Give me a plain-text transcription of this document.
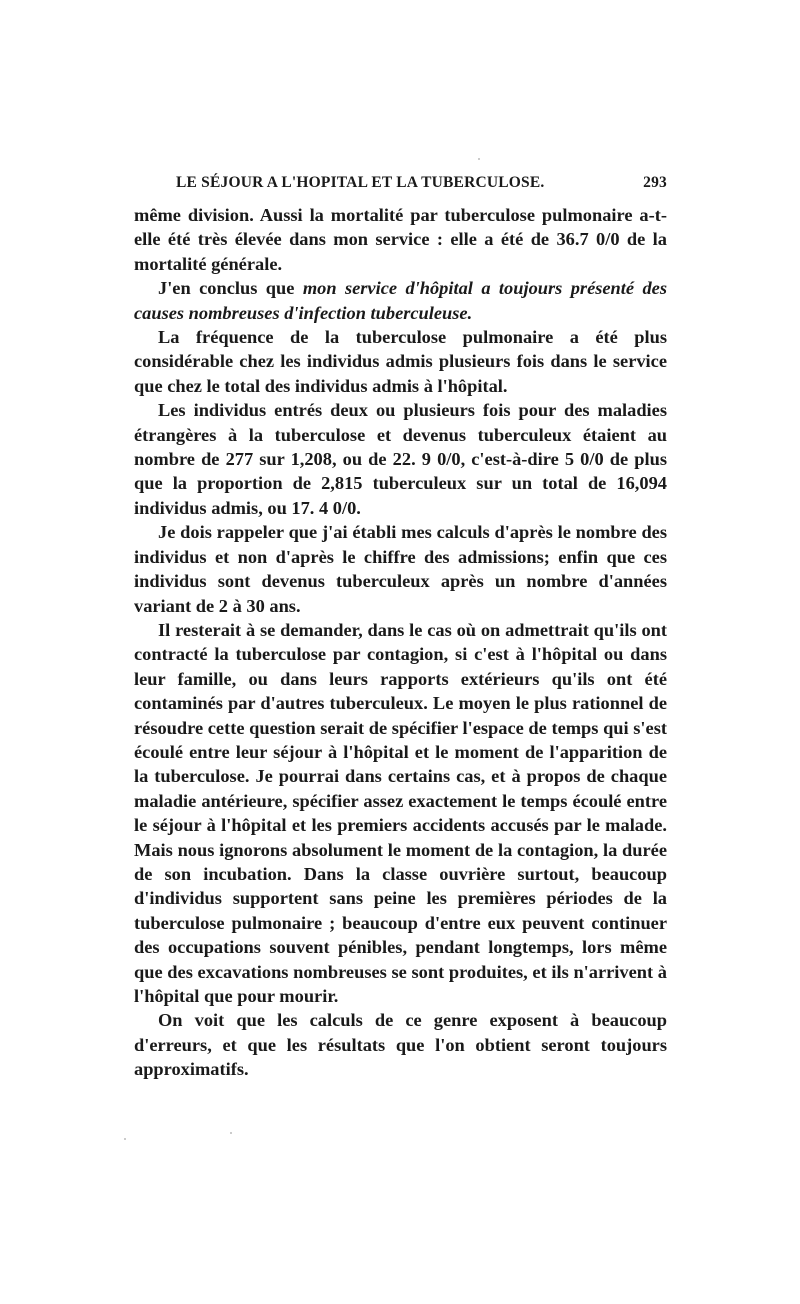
LE SÉJOUR A L'HOPITAL ET LA TUBERCULOSE.	293

même division. Aussi la mortalité par tuberculose pulmonaire a-t-elle été très élevée dans mon service : elle a été de 36.7 0/0 de la mortalité générale.

J'en conclus que mon service d'hôpital a toujours présenté des causes nombreuses d'infection tuberculeuse.

La fréquence de la tuberculose pulmonaire a été plus considérable chez les individus admis plusieurs fois dans le service que chez le total des individus admis à l'hôpital.

Les individus entrés deux ou plusieurs fois pour des maladies étrangères à la tuberculose et devenus tuberculeux étaient au nombre de 277 sur 1,208, ou de 22. 9 0/0, c'est-à-dire 5 0/0 de plus que la proportion de 2,815 tuberculeux sur un total de 16,094 individus admis, ou 17. 4 0/0.

Je dois rappeler que j'ai établi mes calculs d'après le nombre des individus et non d'après le chiffre des admissions; enfin que ces individus sont devenus tuberculeux après un nombre d'années variant de 2 à 30 ans.

Il resterait à se demander, dans le cas où on admettrait qu'ils ont contracté la tuberculose par contagion, si c'est à l'hôpital ou dans leur famille, ou dans leurs rapports extérieurs qu'ils ont été contaminés par d'autres tuberculeux. Le moyen le plus rationnel de résoudre cette question serait de spécifier l'espace de temps qui s'est écoulé entre leur séjour à l'hôpital et le moment de l'apparition de la tuberculose. Je pourrai dans certains cas, et à propos de chaque maladie antérieure, spécifier assez exactement le temps écoulé entre le séjour à l'hôpital et les premiers accidents accusés par le malade. Mais nous ignorons absolument le moment de la contagion, la durée de son incubation. Dans la classe ouvrière surtout, beaucoup d'individus supportent sans peine les premières périodes de la tuberculose pulmonaire ; beaucoup d'entre eux peuvent continuer des occupations souvent pénibles, pendant longtemps, lors même que des excavations nombreuses se sont produites, et ils n'arrivent à l'hôpital que pour mourir.

On voit que les calculs de ce genre exposent à beaucoup d'erreurs, et que les résultats que l'on obtient seront toujours approximatifs.
